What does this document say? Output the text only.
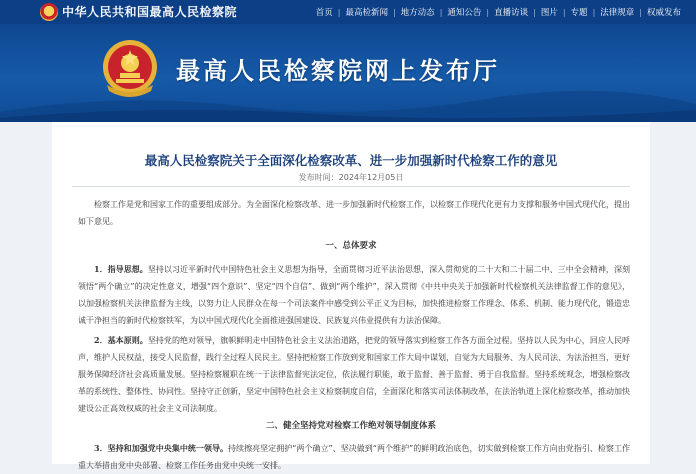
中华人民共和国最高人民检察院	首页 | 最高检新闻 | 地方动态 | 通知公告 | 直播访谈 | 图片 | 专题 | 法律规章 | 权威发布
最高人民检察院网上发布厅
最高人民检察院关于全面深化检察改革、进一步加强新时代检察工作的意见
发布时间：2024年12月05日

检察工作是党和国家工作的重要组成部分。为全面深化检察改革、进一步加强新时代检察工作，以检察工作现代化更有力支撑和服务中国式现代化，提出如下意见。

一、总体要求

1．指导思想。坚持以习近平新时代中国特色社会主义思想为指导，全面贯彻习近平法治思想，深入贯彻党的二十大和二十届二中、三中全会精神，深刻领悟“两个确立”的决定性意义，增强“四个意识”、坚定“四个自信”、做到“两个维护”，深入贯彻《中共中央关于加强新时代检察机关法律监督工作的意见》，以加强检察机关法律监督为主线，以努力让人民群众在每一个司法案件中感受到公平正义为目标，加快推进检察工作理念、体系、机制、能力现代化，锻造忠诚干净担当的新时代检察铁军，为以中国式现代化全面推进强国建设、民族复兴伟业提供有力法治保障。

2．基本原则。坚持党的绝对领导，旗帜鲜明走中国特色社会主义法治道路，把党的领导落实到检察工作各方面全过程。坚持以人民为中心，回应人民呼声，维护人民权益，接受人民监督，践行全过程人民民主。坚持把检察工作放到党和国家工作大局中谋划，自觉为大局服务、为人民司法、为法治担当，更好服务保障经济社会高质量发展。坚持检察履职在统一于法律监督宪法定位，依法履行职能，敢于监督、善于监督、勇于自我监督。坚持系统观念，增强检察改革的系统性、整体性、协同性。坚持守正创新，坚定中国特色社会主义检察制度自信，全面深化和落实司法体制改革，在法治轨道上深化检察改革，推动加快建设公正高效权威的社会主义司法制度。

二、健全坚持党对检察工作绝对领导制度体系

3．坚持和加强党中央集中统一领导。持续擦亮坚定拥护“两个确立”、坚决做到“两个维护”的鲜明政治底色，切实做到检察工作方向由党指引、检察工作重大举措由党中央部署、检察工作任务由党中央统一安排。
